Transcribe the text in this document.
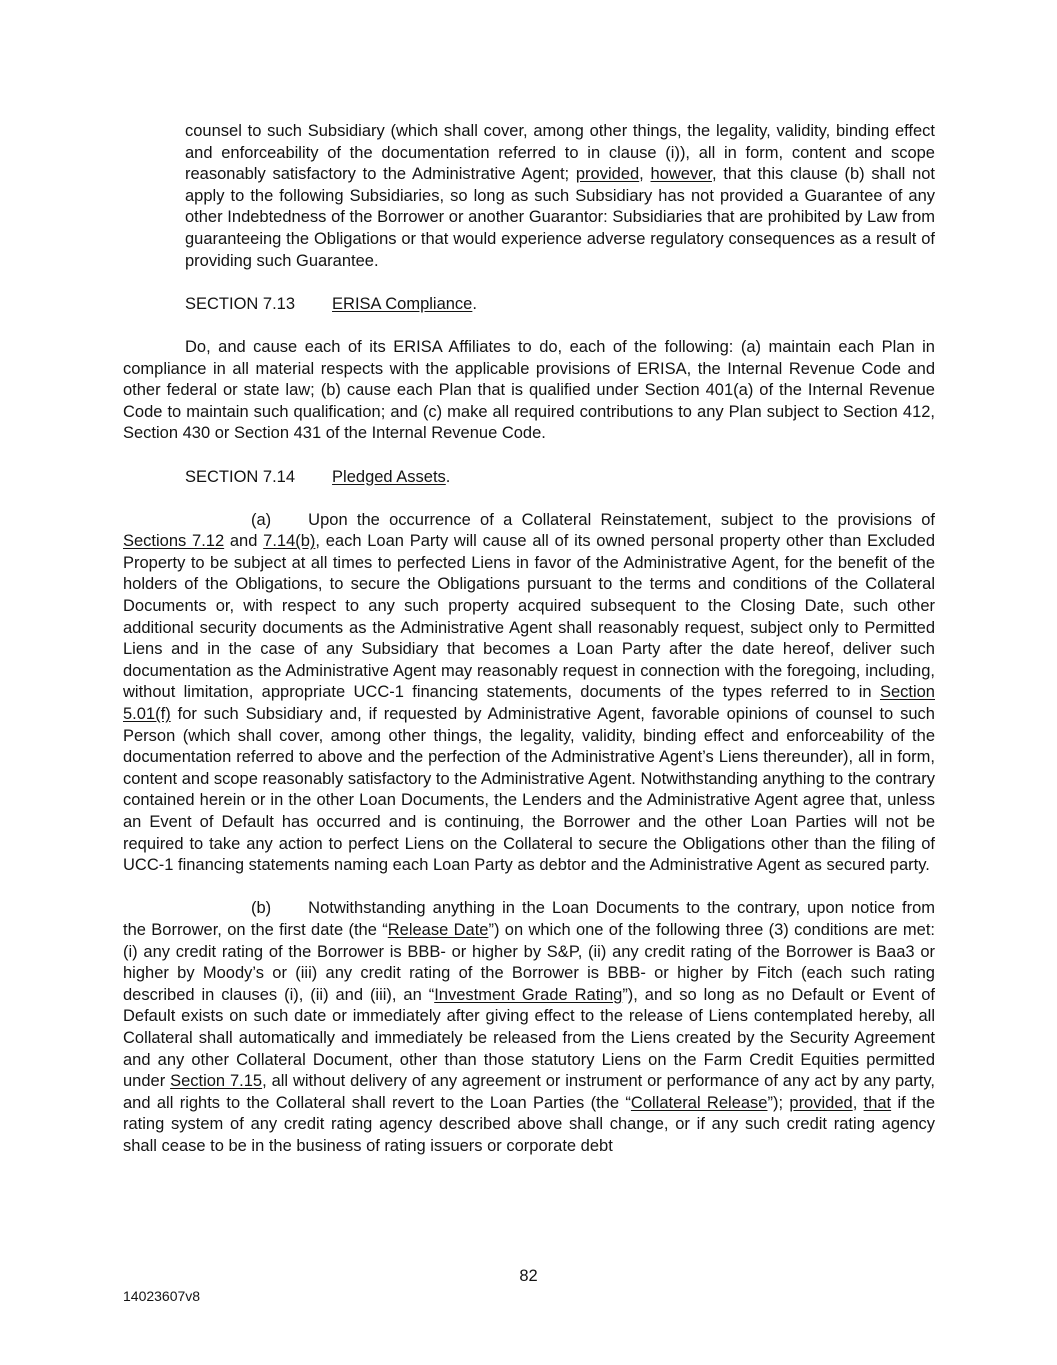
counsel to such Subsidiary (which shall cover, among other things, the legality, validity, binding effect and enforceability of the documentation referred to in clause (i)), all in form, content and scope reasonably satisfactory to the Administrative Agent; provided, however, that this clause (b) shall not apply to the following Subsidiaries, so long as such Subsidiary has not provided a Guarantee of any other Indebtedness of the Borrower or another Guarantor: Subsidiaries that are prohibited by Law from guaranteeing the Obligations or that would experience adverse regulatory consequences as a result of providing such Guarantee.

SECTION 7.13 ERISA Compliance.

Do, and cause each of its ERISA Affiliates to do, each of the following: (a) maintain each Plan in compliance in all material respects with the applicable provisions of ERISA, the Internal Revenue Code and other federal or state law; (b) cause each Plan that is qualified under Section 401(a) of the Internal Revenue Code to maintain such qualification; and (c) make all required contributions to any Plan subject to Section 412, Section 430 or Section 431 of the Internal Revenue Code.

SECTION 7.14 Pledged Assets.

(a) Upon the occurrence of a Collateral Reinstatement, subject to the provisions of Sections 7.12 and 7.14(b), each Loan Party will cause all of its owned personal property other than Excluded Property to be subject at all times to perfected Liens in favor of the Administrative Agent, for the benefit of the holders of the Obligations, to secure the Obligations pursuant to the terms and conditions of the Collateral Documents or, with respect to any such property acquired subsequent to the Closing Date, such other additional security documents as the Administrative Agent shall reasonably request, subject only to Permitted Liens and in the case of any Subsidiary that becomes a Loan Party after the date hereof, deliver such documentation as the Administrative Agent may reasonably request in connection with the foregoing, including, without limitation, appropriate UCC-1 financing statements, documents of the types referred to in Section 5.01(f) for such Subsidiary and, if requested by Administrative Agent, favorable opinions of counsel to such Person (which shall cover, among other things, the legality, validity, binding effect and enforceability of the documentation referred to above and the perfection of the Administrative Agent’s Liens thereunder), all in form, content and scope reasonably satisfactory to the Administrative Agent. Notwithstanding anything to the contrary contained herein or in the other Loan Documents, the Lenders and the Administrative Agent agree that, unless an Event of Default has occurred and is continuing, the Borrower and the other Loan Parties will not be required to take any action to perfect Liens on the Collateral to secure the Obligations other than the filing of UCC-1 financing statements naming each Loan Party as debtor and the Administrative Agent as secured party.

(b) Notwithstanding anything in the Loan Documents to the contrary, upon notice from the Borrower, on the first date (the “Release Date”) on which one of the following three (3) conditions are met: (i) any credit rating of the Borrower is BBB- or higher by S&P, (ii) any credit rating of the Borrower is Baa3 or higher by Moody’s or (iii) any credit rating of the Borrower is BBB- or higher by Fitch (each such rating described in clauses (i), (ii) and (iii), an “Investment Grade Rating”), and so long as no Default or Event of Default exists on such date or immediately after giving effect to the release of Liens contemplated hereby, all Collateral shall automatically and immediately be released from the Liens created by the Security Agreement and any other Collateral Document, other than those statutory Liens on the Farm Credit Equities permitted under Section 7.15, all without delivery of any agreement or instrument or performance of any act by any party, and all rights to the Collateral shall revert to the Loan Parties (the “Collateral Release”); provided, that if the rating system of any credit rating agency described above shall change, or if any such credit rating agency shall cease to be in the business of rating issuers or corporate debt

82
14023607v8
